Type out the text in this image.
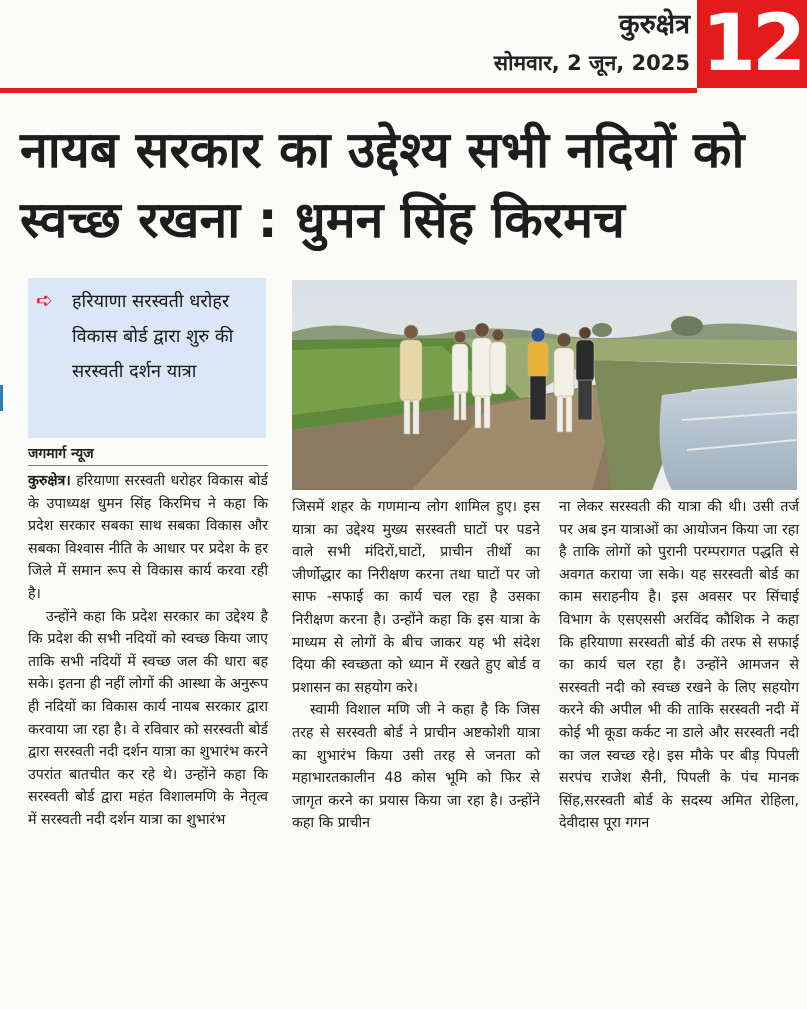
कुरुक्षेत्र
सोमवार, 2 जून, 2025 12
नायब सरकार का उद्देश्य सभी नदियों को स्वच्छ रखना : धुमन सिंह किरमच
➪ हरियाणा सरस्वती धरोहर विकास बोर्ड द्वारा शुरु की सरस्वती दर्शन यात्रा
जगमार्ग न्यूज

कुरुक्षेत्र। हरियाणा सरस्वती धरोहर विकास बोर्ड के उपाध्यक्ष धुमन सिंह किरमिच ने कहा कि प्रदेश सरकार सबका साथ सबका विकास और सबका विश्वास नीति के आधार पर प्रदेश के हर जिले में समान रूप से विकास कार्य करवा रही है।

उन्होंने कहा कि प्रदेश सरकार का उद्देश्य है कि प्रदेश की सभी नदियों को स्वच्छ किया जाए ताकि सभी नदियों में स्वच्छ जल की धारा बह सके। इतना ही नहीं लोगों की आस्था के अनुरूप ही नदियों का विकास कार्य नायब सरकार द्वारा करवाया जा रहा है। वे रविवार को सरस्वती बोर्ड द्वारा सरस्वती नदी दर्शन यात्रा का शुभारंभ करने उपरांत बातचीत कर रहे थे। उन्होंने कहा कि सरस्वती बोर्ड द्वारा महंत विशालमणि के नेतृत्व में सरस्वती नदी दर्शन यात्रा का शुभारंभ

जिसमें शहर के गणमान्य लोग शामिल हुए। इस यात्रा का उद्देश्य मुख्य सरस्वती घाटों पर पडने वाले सभी मंदिरों,घाटों, प्राचीन तीर्थो का जीर्णोद्धार का निरीक्षण करना तथा घाटों पर जो साफ -सफाई का कार्य चल रहा है उसका निरीक्षण करना है। उन्होंने कहा कि इस यात्रा के माध्यम से लोगों के बीच जाकर यह भी संदेश दिया की स्वच्छता को ध्यान में रखते हुए बोर्ड व प्रशासन का सहयोग करे।

स्वामी विशाल मणि जी ने कहा है कि जिस तरह से सरस्वती बोर्ड ने प्राचीन अष्टकोशी यात्रा का शुभारंभ किया उसी तरह से जनता को महाभारतकालीन 48 कोस भूमि को फिर से जागृत करने का प्रयास किया जा रहा है। उन्होंने कहा कि प्राचीन

ना लेकर सरस्वती की यात्रा की थी। उसी तर्ज पर अब इन यात्राओं का आयोजन किया जा रहा है ताकि लोगों को पुरानी परम्परागत पद्धति से अवगत कराया जा सके। यह सरस्वती बोर्ड का काम सराहनीय है। इस अवसर पर सिंचाई विभाग के एसएससी अरविंद कौशिक ने कहा कि हरियाणा सरस्वती बोर्ड की तरफ से सफाई का कार्य चल रहा है। उन्होंने आमजन से सरस्वती नदी को स्वच्छ रखने के लिए सहयोग करने की अपील भी की ताकि सरस्वती नदी में कोई भी कूडा कर्कट ना डाले और सरस्वती नदी का जल स्वच्छ रहे। इस मौके पर बीड़ पिपली सरपंच राजेश सैनी, पिपली के पंच मानक सिंह,सरस्वती बोर्ड के सदस्य अमित रोहिला, देवीदास पूरा गगन
